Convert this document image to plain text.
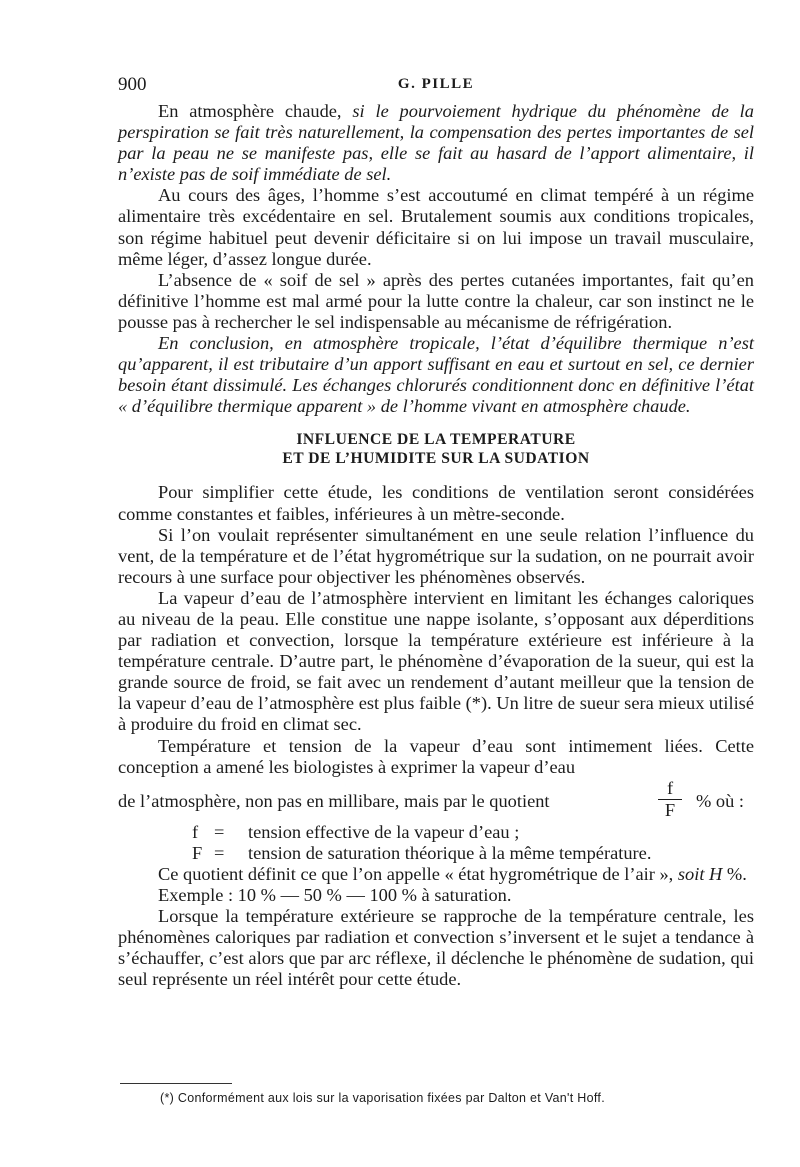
900	G. PILLE

En atmosphère chaude, si le pourvoiement hydrique du phénomène de la perspiration se fait très naturellement, la compensation des pertes importantes de sel par la peau ne se manifeste pas, elle se fait au hasard de l’apport alimentaire, il n’existe pas de soif immédiate de sel.

Au cours des âges, l’homme s’est accoutumé en climat tempéré à un régime alimentaire très excédentaire en sel. Brutalement soumis aux conditions tropicales, son régime habituel peut devenir déficitaire si on lui impose un travail musculaire, même léger, d’assez longue durée.

L’absence de « soif de sel » après des pertes cutanées importantes, fait qu’en définitive l’homme est mal armé pour la lutte contre la chaleur, car son instinct ne le pousse pas à rechercher le sel indispensable au mécanisme de réfrigération.

En conclusion, en atmosphère tropicale, l’état d’équilibre thermique n’est qu’apparent, il est tributaire d’un apport suffisant en eau et surtout en sel, ce dernier besoin étant dissimulé. Les échanges chlorurés conditionnent donc en définitive l’état « d’équilibre thermique apparent » de l’homme vivant en atmosphère chaude.

INFLUENCE DE LA TEMPERATURE

ET DE L’HUMIDITE SUR LA SUDATION

Pour simplifier cette étude, les conditions de ventilation seront considérées comme constantes et faibles, inférieures à un mètre-seconde.

Si l’on voulait représenter simultanément en une seule relation l’influence du vent, de la température et de l’état hygrométrique sur la sudation, on ne pourrait avoir recours à une surface pour objectiver les phénomènes observés.

La vapeur d’eau de l’atmosphère intervient en limitant les échanges caloriques au niveau de la peau. Elle constitue une nappe isolante, s’opposant aux déperditions par radiation et convection, lorsque la température extérieure est inférieure à la température centrale. D’autre part, le phénomène d’évaporation de la sueur, qui est la grande source de froid, se fait avec un rendement d’autant meilleur que la tension de la vapeur d’eau de l’atmosphère est plus faible (*). Un litre de sueur sera mieux utilisé à produire du froid en climat sec.

Température et tension de la vapeur d’eau sont intimement liées. Cette conception a amené les biologistes à exprimer la vapeur d’eau

de l’atmosphère, non pas en millibare, mais par le quotient
f
F	% où :
f = tension effective de la vapeur d’eau ;
F = tension de saturation théorique à la même température.

Ce quotient définit ce que l’on appelle « état hygrométrique de l’air », soit H %.

Exemple : 10 % — 50 % — 100 % à saturation.

Lorsque la température extérieure se rapproche de la température centrale, les phénomènes caloriques par radiation et convection s’inversent et le sujet a tendance à s’échauffer, c’est alors que par arc réflexe, il déclenche le phénomène de sudation, qui seul représente un réel intérêt pour cette étude.

(*) Conformément aux lois sur la vaporisation fixées par Dalton et Van't Hoff.
